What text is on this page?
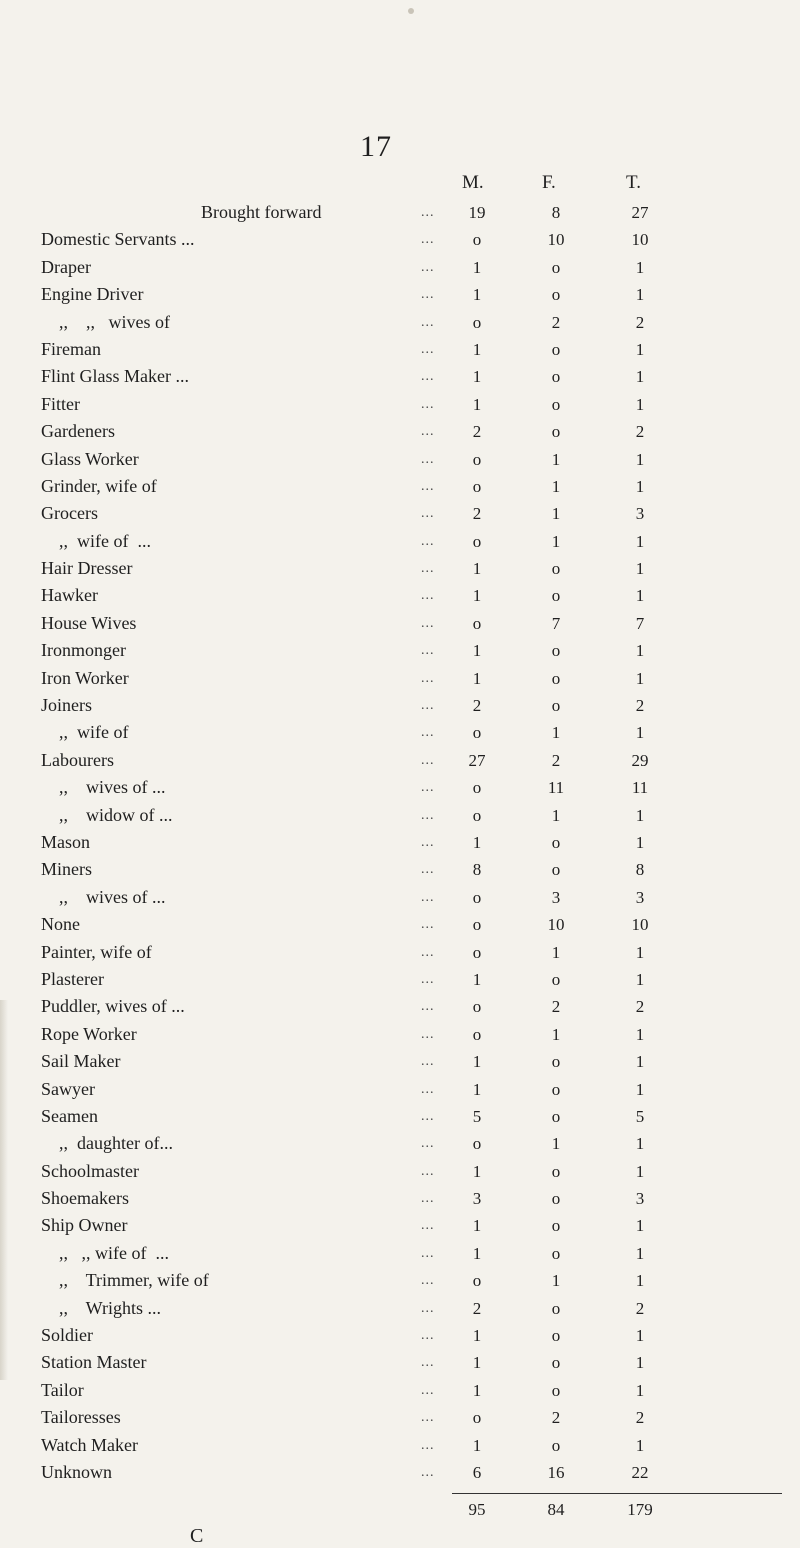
17
M.	F.	T.
Brought forward	...	19	8	27
Domestic Servants ...	...	o	10	10
Draper	...	1	o	1
Engine Driver	...	1	o	1
,,    ,,   wives of	...	o	2	2
Fireman	...	1	o	1
Flint Glass Maker ...	...	1	o	1
Fitter	...	1	o	1
Gardeners	...	2	o	2
Glass Worker	...	o	1	1
Grinder, wife of	...	o	1	1
Grocers	...	2	1	3
,,  wife of  ...	...	o	1	1
Hair Dresser	...	1	o	1
Hawker	...	1	o	1
House Wives	...	o	7	7
Ironmonger	...	1	o	1
Iron Worker	...	1	o	1
Joiners	...	2	o	2
,,  wife of	...	o	1	1
Labourers	...	27	2	29
,,    wives of ...	...	o	11	11
,,    widow of ...	...	o	1	1
Mason	...	1	o	1
Miners	...	8	o	8
,,    wives of ...	...	o	3	3
None	...	o	10	10
Painter, wife of	...	o	1	1
Plasterer	...	1	o	1
Puddler, wives of ...	...	o	2	2
Rope Worker	...	o	1	1
Sail Maker	...	1	o	1
Sawyer	...	1	o	1
Seamen	...	5	o	5
,,  daughter of...	...	o	1	1
Schoolmaster	...	1	o	1
Shoemakers	...	3	o	3
Ship Owner	...	1	o	1
,,   ,, wife of  ...	...	1	o	1
,,    Trimmer, wife of	...	o	1	1
,,    Wrights ...	...	2	o	2
Soldier	...	1	o	1
Station Master	...	1	o	1
Tailor	...	1	o	1
Tailoresses	...	o	2	2
Watch Maker	...	1	o	1
Unknown	...	6	16	22
95	84	179
C
